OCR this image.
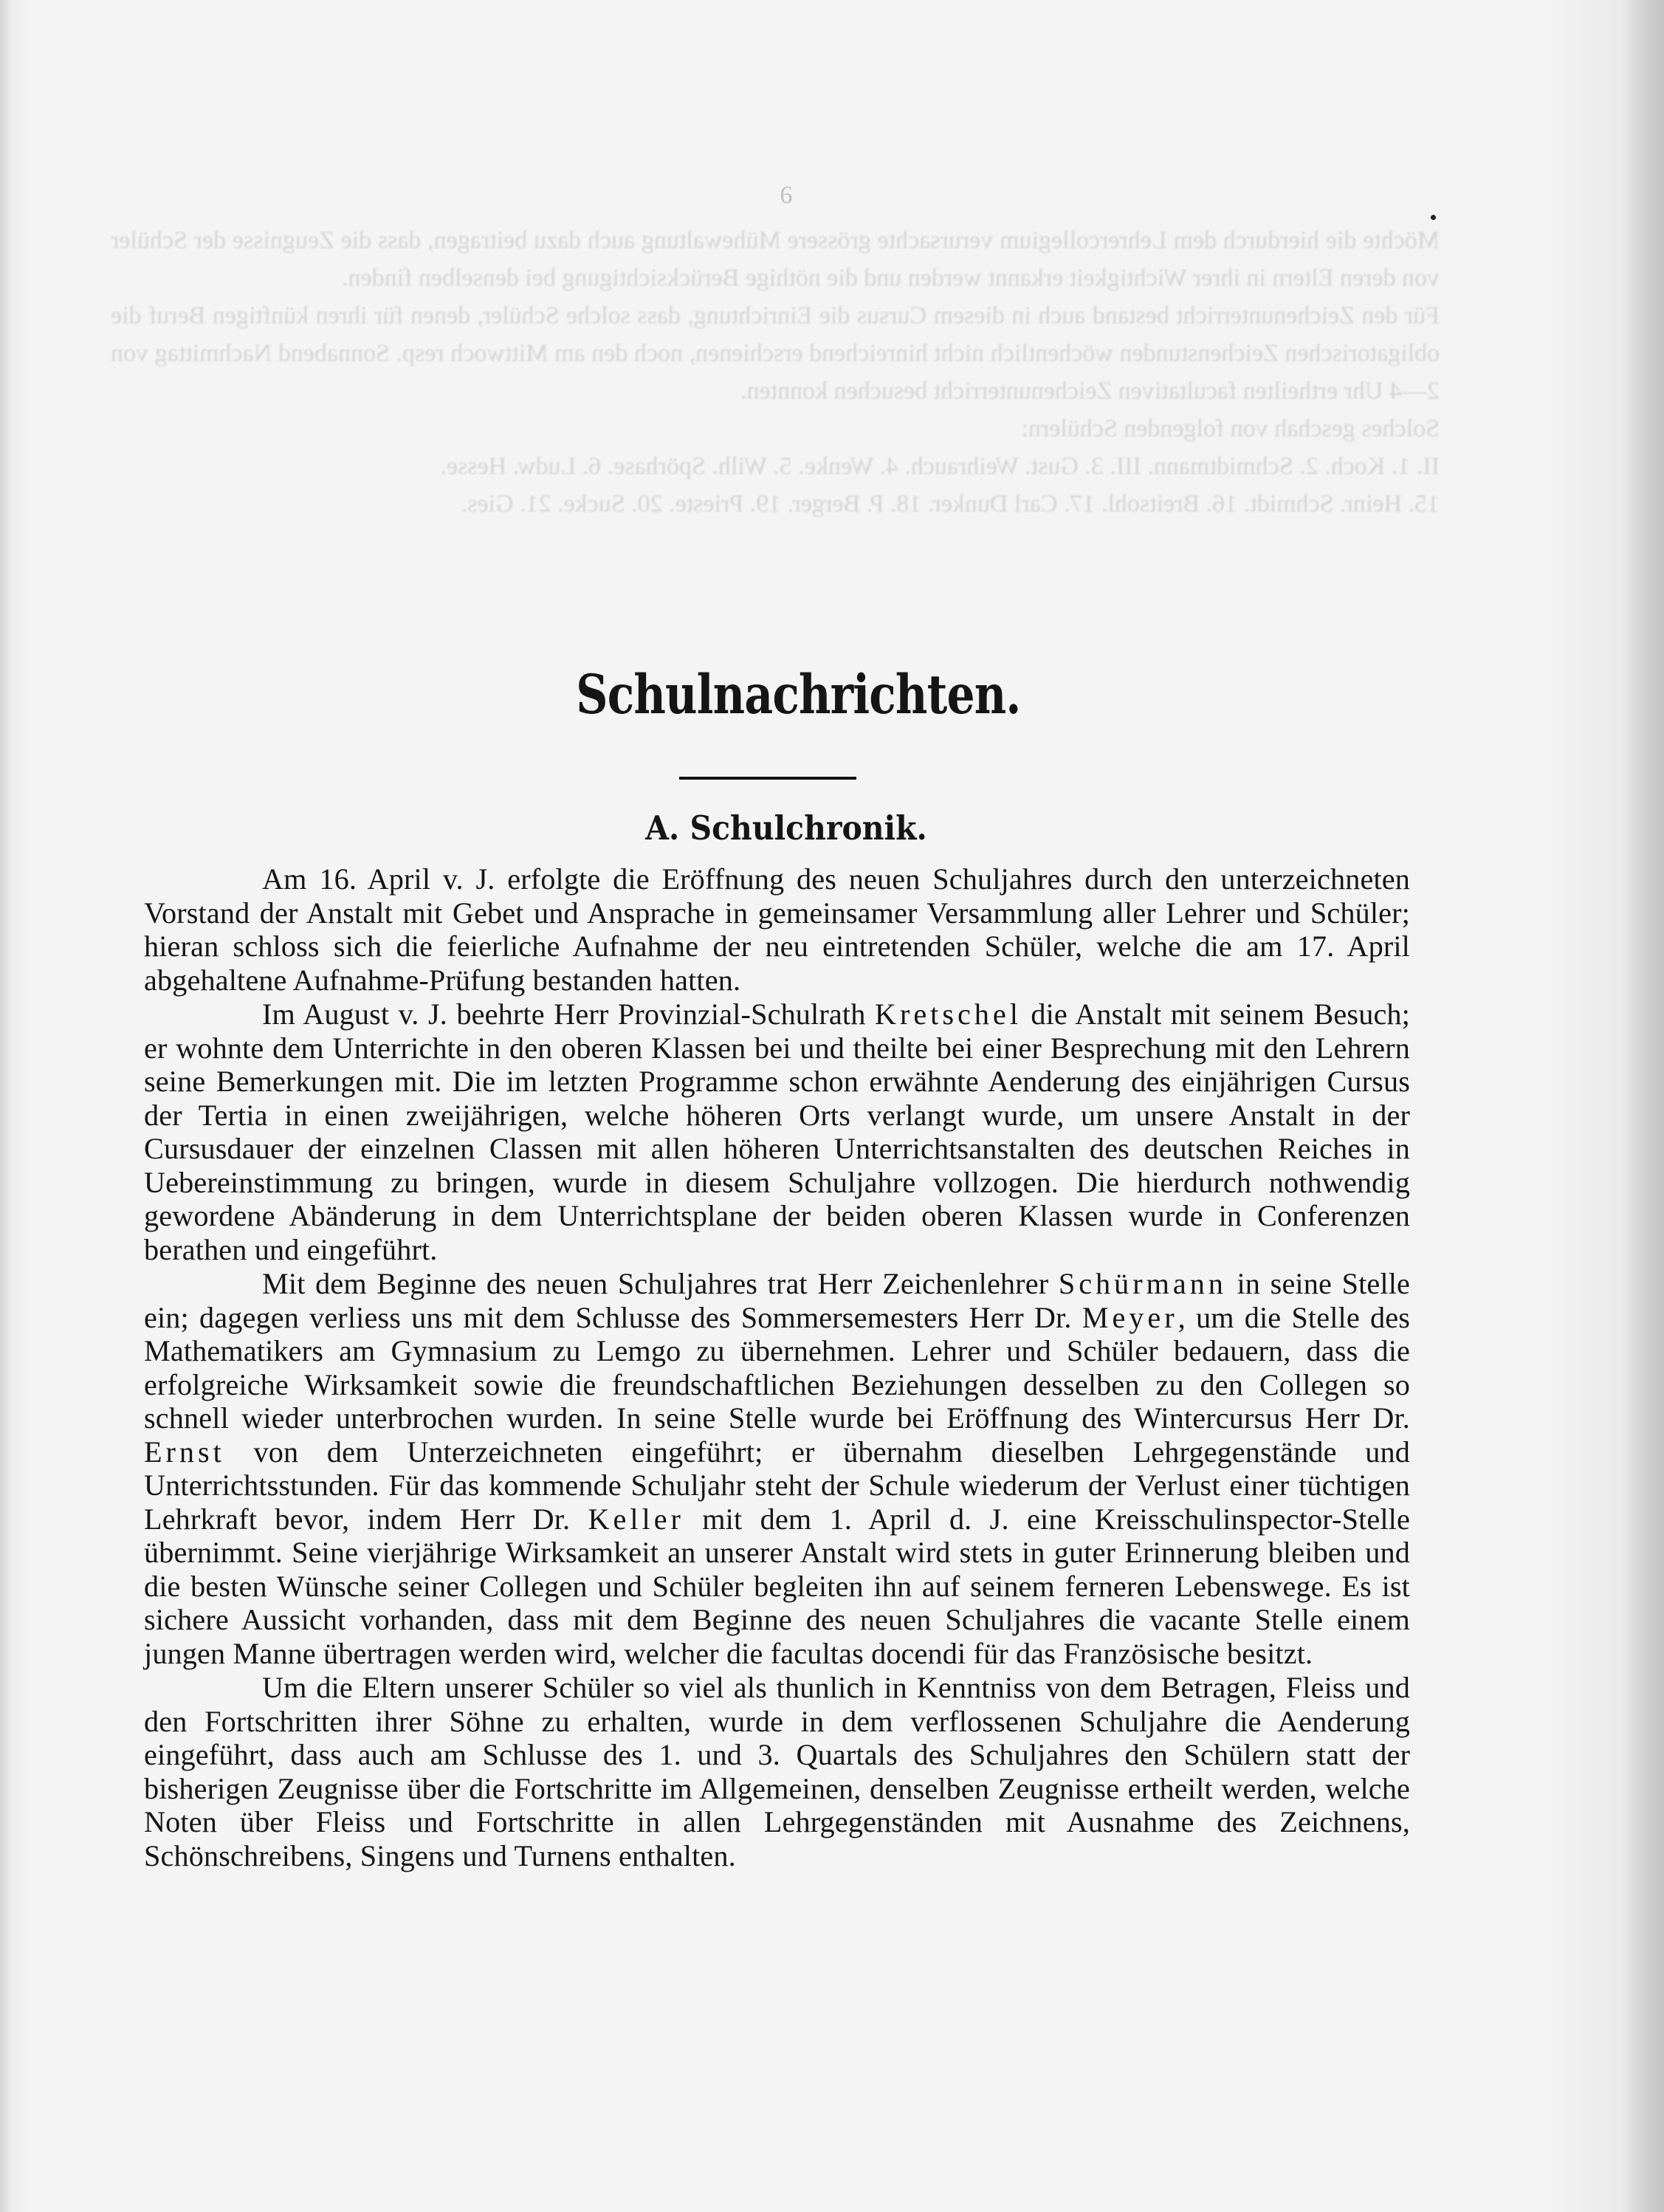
Möchte die hierdurch dem Lehrercollegium verursachte grössere Mühewaltung auch dazu beitragen, dass die Zeugnisse der Schüler von deren Eltern in ihrer Wichtigkeit erkannt werden und die nöthige Berücksichtigung bei denselben finden.

Für den Zeichenunterricht bestand auch in diesem Cursus die Einrichtung, dass solche Schüler, denen für ihren künftigen Beruf die obligatorischen Zeichenstunden wöchentlich nicht hinreichend erschienen, noch den am Mittwoch resp. Sonnabend Nachmittag von 2—4 Uhr ertheilten facultativen Zeichenunterricht besuchen konnten.

Solches geschah von folgenden Schülern:

II. 1. Koch. 2. Schmidtmann. III. 3. Gust. Weihrauch. 4. Wenke. 5. Wilh. Spörhase. 6. Ludw. Hesse.

15. Heinr. Schmidt. 16. Breitsohl. 17. Carl Dunker. 18. P. Berger. 19. Prieste. 20. Sucke. 21. Gies.

9
Schulnachrichten.
A. Schulchronik.

Am 16. April v. J. erfolgte die Eröffnung des neuen Schuljahres durch den unterzeichneten Vorstand der Anstalt mit Gebet und Ansprache in gemeinsamer Versammlung aller Lehrer und Schüler; hieran schloss sich die feierliche Aufnahme der neu eintretenden Schüler, welche die am 17. April abgehaltene Aufnahme-Prüfung bestanden hatten.

Im August v. J. beehrte Herr Provinzial-Schulrath Kretschel die Anstalt mit seinem Besuch; er wohnte dem Unterrichte in den oberen Klassen bei und theilte bei einer Besprechung mit den Lehrern seine Bemerkungen mit. Die im letzten Programme schon erwähnte Aenderung des einjährigen Cursus der Tertia in einen zweijährigen, welche höheren Orts verlangt wurde, um unsere Anstalt in der Cursusdauer der einzelnen Classen mit allen höheren Unterrichtsanstalten des deutschen Reiches in Uebereinstimmung zu bringen, wurde in diesem Schuljahre vollzogen. Die hierdurch nothwendig gewordene Abänderung in dem Unterrichtsplane der beiden oberen Klassen wurde in Conferenzen berathen und eingeführt.

Mit dem Beginne des neuen Schuljahres trat Herr Zeichenlehrer Schürmann in seine Stelle ein; dagegen verliess uns mit dem Schlusse des Sommersemesters Herr Dr. Meyer, um die Stelle des Mathematikers am Gymnasium zu Lemgo zu übernehmen. Lehrer und Schüler bedauern, dass die erfolgreiche Wirksamkeit sowie die freundschaftlichen Beziehungen desselben zu den Collegen so schnell wieder unterbrochen wurden. In seine Stelle wurde bei Eröffnung des Wintercursus Herr Dr. Ernst von dem Unterzeichneten eingeführt; er übernahm dieselben Lehrgegenstände und Unterrichtsstunden. Für das kommende Schuljahr steht der Schule wiederum der Verlust einer tüchtigen Lehrkraft bevor, indem Herr Dr. Keller mit dem 1. April d. J. eine Kreisschulinspector-Stelle übernimmt. Seine vierjährige Wirksamkeit an unserer Anstalt wird stets in guter Erinnerung bleiben und die besten Wünsche seiner Collegen und Schüler begleiten ihn auf seinem ferneren Lebenswege. Es ist sichere Aussicht vorhanden, dass mit dem Beginne des neuen Schuljahres die vacante Stelle einem jungen Manne übertragen werden wird, welcher die facultas docendi für das Französische besitzt.

Um die Eltern unserer Schüler so viel als thunlich in Kenntniss von dem Betragen, Fleiss und den Fortschritten ihrer Söhne zu erhalten, wurde in dem verflossenen Schuljahre die Aenderung eingeführt, dass auch am Schlusse des 1. und 3. Quartals des Schuljahres den Schülern statt der bisherigen Zeugnisse über die Fortschritte im Allgemeinen, denselben Zeugnisse ertheilt werden, welche Noten über Fleiss und Fortschritte in allen Lehrgegenständen mit Ausnahme des Zeichnens, Schönschreibens, Singens und Turnens enthalten.
